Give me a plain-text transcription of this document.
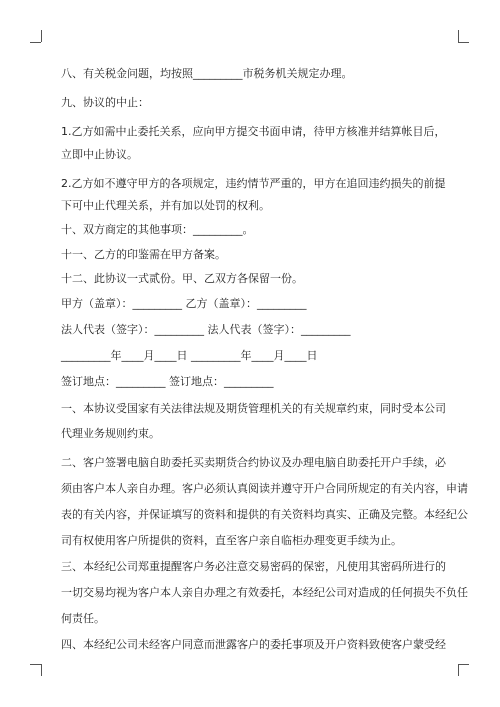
八、有关税金问题，均按照_________市税务机关规定办理。
九、协议的中止：
1.乙方如需中止委托关系，应向甲方提交书面申请，待甲方核准并结算帐目后，
立即中止协议。
2.乙方如不遵守甲方的各项规定，违约情节严重的，甲方在追回违约损失的前提
下可中止代理关系，并有加以处罚的权利。
十、双方商定的其他事项：_________。
十一、乙方的印鉴需在甲方备案。
十二、此协议一式贰份。甲、乙双方各保留一份。
甲方（盖章）：_________ 乙方（盖章）：_________
法人代表（签字）：_________ 法人代表（签字）：_________
_________年____月____日 _________年____月____日
签订地点：_________ 签订地点：_________
一、本协议受国家有关法律法规及期货管理机关的有关规章约束，同时受本公司
代理业务规则约束。
二、客户签署电脑自助委托买卖期货合约协议及办理电脑自助委托开户手续，必
须由客户本人亲自办理。客户必须认真阅读并遵守开户合同所规定的有关内容，申请
表的有关内容，并保证填写的资料和提供的有关资料均真实、正确及完整。本经纪公
司有权使用客户所提供的资料，直至客户亲自临柜办理变更手续为止。
三、本经纪公司郑重提醒客户务必注意交易密码的保密，凡使用其密码所进行的
一切交易均视为客户本人亲自办理之有效委托，本经纪公司对造成的任何损失不负任
何责任。
四、本经纪公司未经客户同意而泄露客户的委托事项及开户资料致使客户蒙受经
